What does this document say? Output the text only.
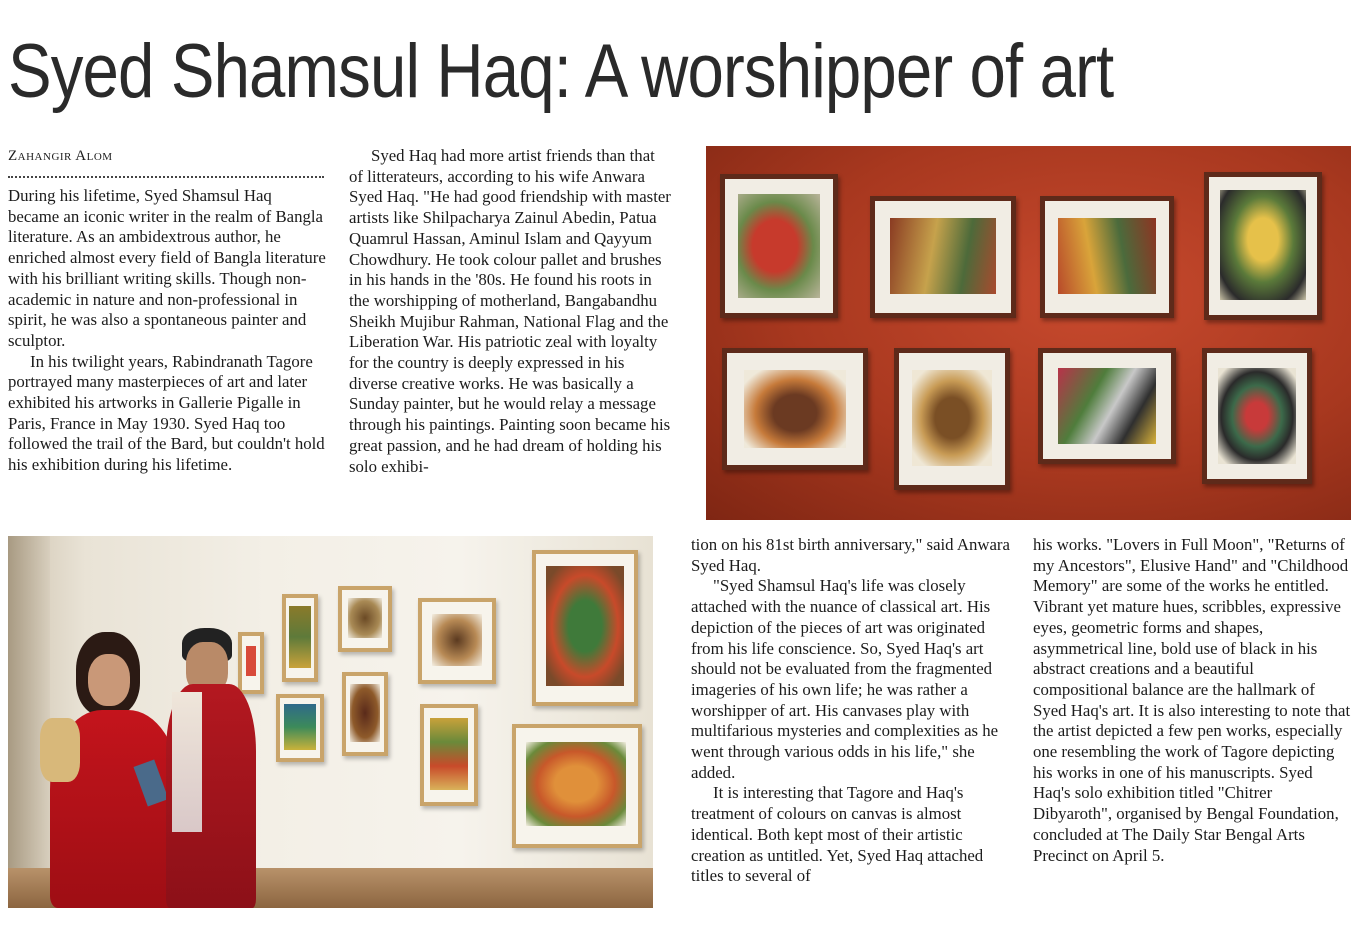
Syed Shamsul Haq: A worshipper of art
Zahangir Alom

During his lifetime, Syed Shamsul Haq became an iconic writer in the realm of Bangla literature. As an ambidextrous author, he enriched almost every field of Bangla literature with his brilliant writing skills. Though non-academic in nature and non-professional in spirit, he was also a spontaneous painter and sculptor.

In his twilight years, Rabindranath Tagore portrayed many masterpieces of art and later exhibited his artworks in Gallerie Pigalle in Paris, France in May 1930. Syed Haq too followed the trail of the Bard, but couldn't hold his exhibition during his lifetime.

Syed Haq had more artist friends than that of litterateurs, according to his wife Anwara Syed Haq. "He had good friendship with master artists like Shilpacharya Zainul Abedin, Patua Quamrul Hassan, Aminul Islam and Qayyum Chowdhury. He took colour pallet and brushes in his hands in the '80s. He found his roots in the worshipping of motherland, Bangabandhu Sheikh Mujibur Rahman, National Flag and the Liberation War. His patriotic zeal with loyalty for the country is deeply expressed in his diverse creative works. He was basically a Sunday painter, but he would relay a message through his paintings. Painting soon became his great passion, and he had dream of holding his solo exhibi-

tion on his 81st birth anniversary," said Anwara Syed Haq.

"Syed Shamsul Haq's life was closely attached with the nuance of classical art. His depiction of the pieces of art was originated from his life conscience. So, Syed Haq's art should not be evaluated from the fragmented imageries of his own life; he was rather a worshipper of art. His canvases play with multifarious mysteries and complexities as he went through various odds in his life," she added.

It is interesting that Tagore and Haq's treatment of colours on canvas is almost identical. Both kept most of their artistic creation as untitled. Yet, Syed Haq attached titles to several of

his works. "Lovers in Full Moon", "Returns of my Ancestors", Elusive Hand" and "Childhood Memory" are some of the works he entitled. Vibrant yet mature hues, scribbles, expressive eyes, geometric forms and shapes, asymmetrical line, bold use of black in his abstract creations and a beautiful compositional balance are the hallmark of Syed Haq's art. It is also interesting to note that the artist depicted a few pen works, especially one resembling the work of Tagore depicting his works in one of his manuscripts. Syed Haq's solo exhibition titled "Chitrer Dibyaroth", organised by Bengal Foundation, concluded at The Daily Star Bengal Arts Precinct on April 5.
